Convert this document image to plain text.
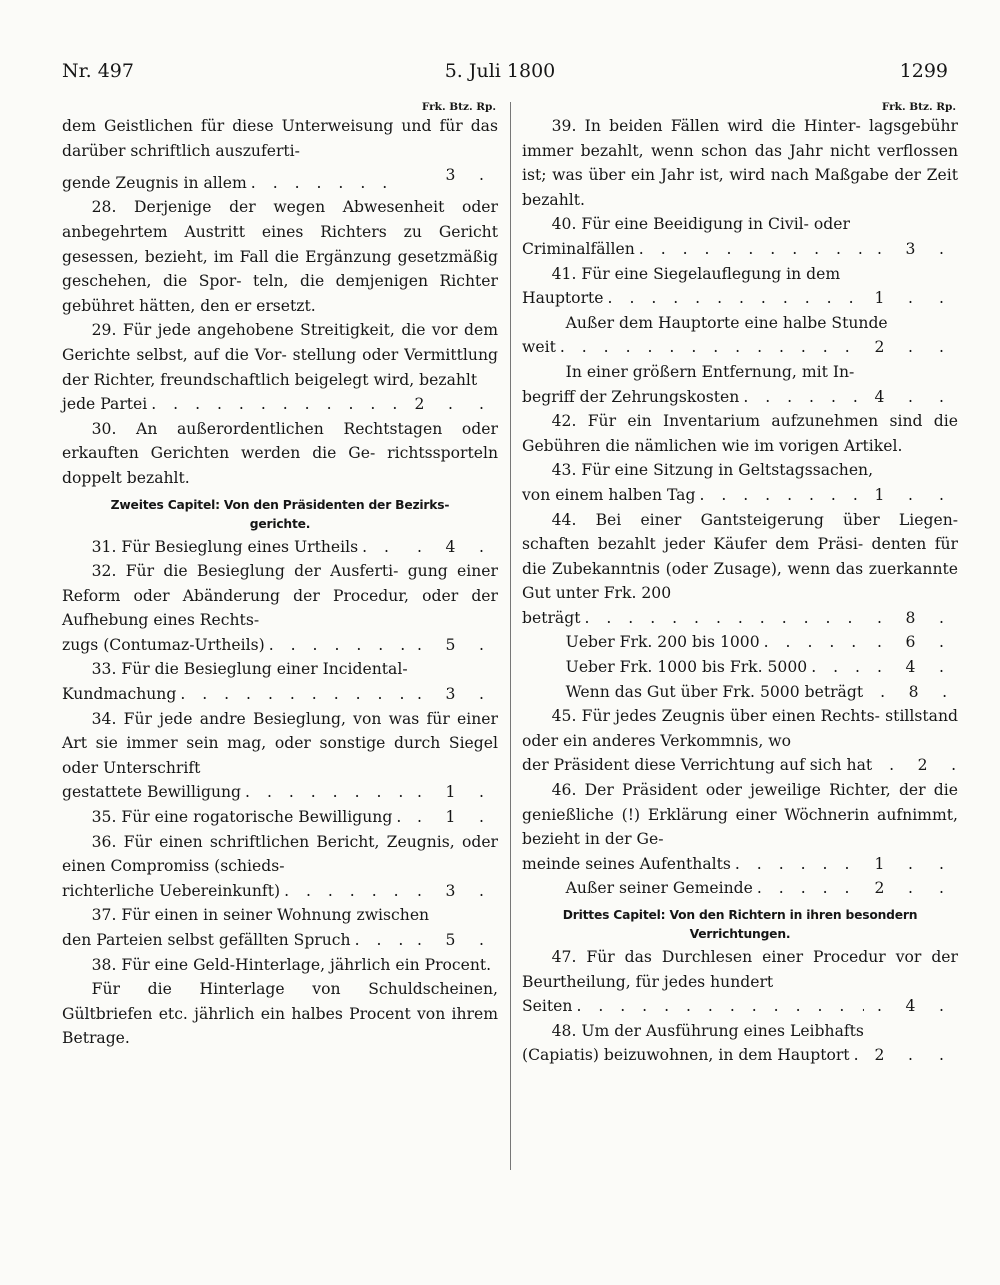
Nr. 497	5. Juli 1800	1299
Frk. Btz. Rp.

dem Geistlichen für diese Unterweisung und für das darüber schriftlich auszuferti-

gende Zeugnis in allem . . .	3	.

28. Derjenige der wegen Abwesenheit oder anbegehrtem Austritt eines Richters zu Gericht gesessen, bezieht, im Fall die Ergänzung gesetzmäßig geschehen, die Spor- teln, die demjenigen Richter gebühret hätten, den er ersetzt.

29. Für jede angehobene Streitigkeit, die vor dem Gerichte selbst, auf die Vor- stellung oder Vermittlung der Richter, freundschaftlich beigelegt wird, bezahlt

jede Partei . . .	2	.	.

30. An außerordentlichen Rechtstagen oder erkauften Gerichten werden die Ge- richtssporteln doppelt bezahlt.

Zweites Capitel: Von den Präsidenten der Bezirks-
gerichte.

31. Für Besieglung eines Urtheils . . .	.	4	.

32. Für die Besieglung der Ausferti- gung einer Reform oder Abänderung der Procedur, oder der Aufhebung eines Rechts-

zugs (Contumaz-Urtheils) . . .	.	5	.

33. Für die Besieglung einer Incidental-

Kundmachung . . .	.	3	.

34. Für jede andre Besieglung, von was für einer Art sie immer sein mag, oder sonstige durch Siegel oder Unterschrift

gestattete Bewilligung . . .	.	1	.

35. Für eine rogatorische Bewilligung . . .	.	1	.

36. Für einen schriftlichen Bericht, Zeugnis, oder einen Compromiss (schieds-

richterliche Uebereinkunft) . . .	.	3	.

37. Für einen in seiner Wohnung zwischen

den Parteien selbst gefällten Spruch . . .	.	5	.

38. Für eine Geld-Hinterlage, jährlich ein Procent.

Für die Hinterlage von Schuldscheinen, Gültbriefen etc. jährlich ein halbes Procent von ihrem Betrage.

Frk. Btz. Rp.

39. In beiden Fällen wird die Hinter- lagsgebühr immer bezahlt, wenn schon das Jahr nicht verflossen ist; was über ein Jahr ist, wird nach Maßgabe der Zeit bezahlt.

40. Für eine Beeidigung in Civil- oder

Criminalfällen . . .	.	3	.

41. Für eine Siegelauflegung in dem

Hauptorte . . .	1	.	.

Außer dem Hauptorte eine halbe Stunde

weit . . .	2	.	.

In einer größern Entfernung, mit In-

begriff der Zehrungskosten . . .	4	.	.

42. Für ein Inventarium aufzunehmen sind die Gebühren die nämlichen wie im vorigen Artikel.

43. Für eine Sitzung in Geltstagssachen,

von einem halben Tag . . .	1	.	.

44. Bei einer Gantsteigerung über Liegen- schaften bezahlt jeder Käufer dem Präsi- denten für die Zubekanntnis (oder Zusage), wenn das zuerkannte Gut unter Frk. 200

beträgt . . .	.	8	.

Ueber Frk. 200 bis 1000 . . .	.	6	.

Ueber Frk. 1000 bis Frk. 5000 . . .	.	4	.

Wenn das Gut über Frk. 5000 beträgt . . .	.	8	.

45. Für jedes Zeugnis über einen Rechts- stillstand oder ein anderes Verkommnis, wo

der Präsident diese Verrichtung auf sich hat . . .	.	2	.

46. Der Präsident oder jeweilige Richter, der die genießliche (!) Erklärung einer Wöchnerin aufnimmt, bezieht in der Ge-

meinde seines Aufenthalts . . .	1	.	.

Außer seiner Gemeinde . . .	2	.	.
Drittes Capitel: Von den Richtern in ihren besondern
Verrichtungen.

47. Für das Durchlesen einer Procedur vor der Beurtheilung, für jedes hundert

Seiten . . .	.	4	.

48. Um der Ausführung eines Leibhafts

(Capiatis) beizuwohnen, in dem Hauptort . . .	2	.	.
